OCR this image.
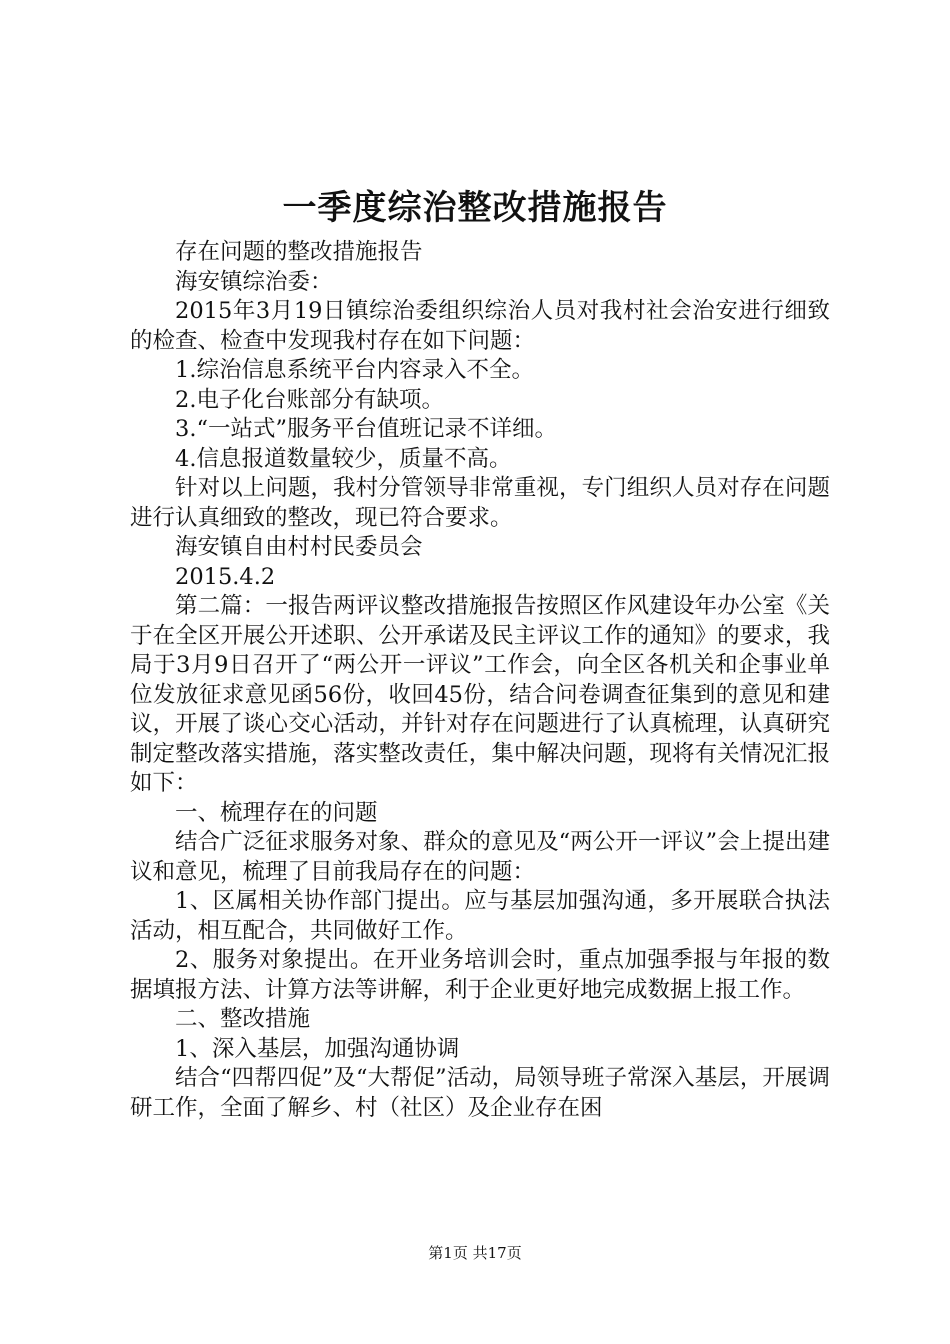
一季度综治整改措施报告

存在问题的整改措施报告

海安镇综治委：

2015年3月19日镇综治委组织综治人员对我村社会治安进行细致的检查、检查中发现我村存在如下问题：

1.综治信息系统平台内容录入不全。

2.电子化台账部分有缺项。

3.“一站式”服务平台值班记录不详细。

4.信息报道数量较少，质量不高。

针对以上问题，我村分管领导非常重视，专门组织人员对存在问题进行认真细致的整改，现已符合要求。

海安镇自由村村民委员会

2015.4.2

第二篇：一报告两评议整改措施报告按照区作风建设年办公室《关于在全区开展公开述职、公开承诺及民主评议工作的通知》的要求，我局于3月9日召开了“两公开一评议”工作会，向全区各机关和企事业单位发放征求意见函56份，收回45份，结合问卷调查征集到的意见和建议，开展了谈心交心活动，并针对存在问题进行了认真梳理，认真研究制定整改落实措施，落实整改责任，集中解决问题，现将有关情况汇报如下：

一、梳理存在的问题

结合广泛征求服务对象、群众的意见及“两公开一评议”会上提出建议和意见，梳理了目前我局存在的问题：

1、区属相关协作部门提出。应与基层加强沟通，多开展联合执法活动，相互配合，共同做好工作。

2、服务对象提出。在开业务培训会时，重点加强季报与年报的数据填报方法、计算方法等讲解，利于企业更好地完成数据上报工作。

二、整改措施

1、深入基层，加强沟通协调

结合“四帮四促”及“大帮促”活动，局领导班子常深入基层，开展调研工作，全面了解乡、村（社区）及企业存在困

第1页 共17页
